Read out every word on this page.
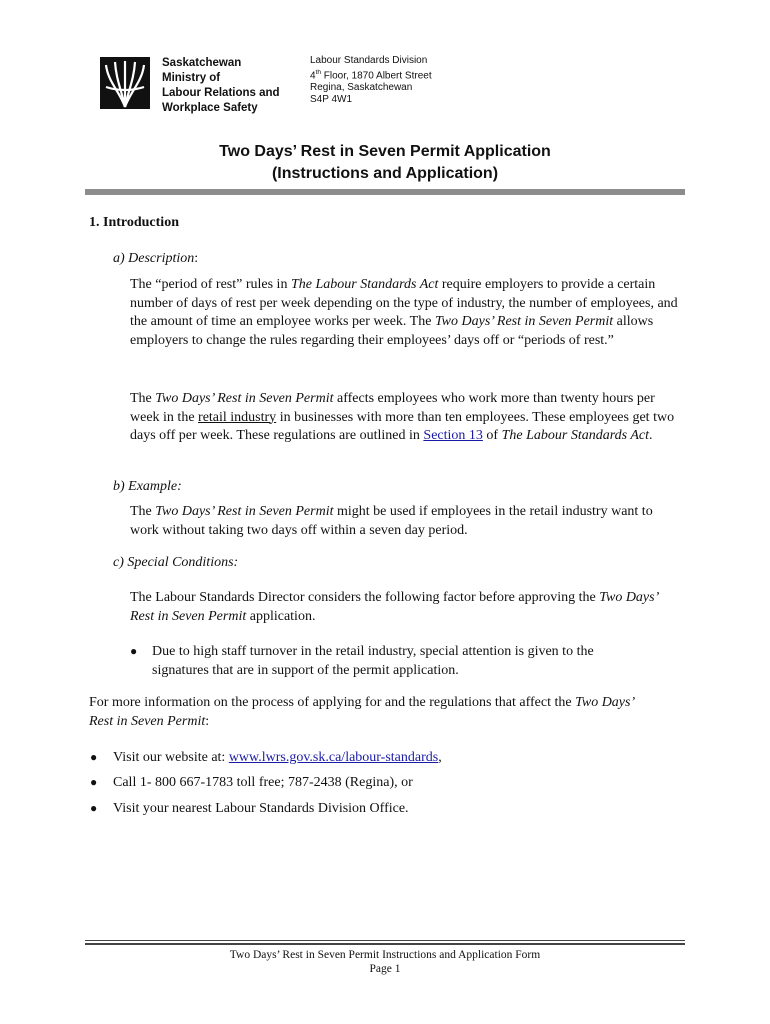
Saskatchewan
Ministry of
Labour Relations and
Workplace Safety
Labour Standards Division
4th Floor, 1870 Albert Street
Regina, Saskatchewan
S4P 4W1
Two Days’ Rest in Seven Permit Application
(Instructions and Application)
1. Introduction
a) Description:
The “period of rest” rules in The Labour Standards Act require employers to provide a certain number of days of rest per week depending on the type of industry, the number of employees, and the amount of time an employee works per week. The Two Days’ Rest in Seven Permit allows employers to change the rules regarding their employees’ days off or “periods of rest.”
The Two Days’ Rest in Seven Permit affects employees who work more than twenty hours per week in the retail industry in businesses with more than ten employees. These employees get two days off per week. These regulations are outlined in Section 13 of The Labour Standards Act.
b) Example:
The Two Days’ Rest in Seven Permit might be used if employees in the retail industry want to work without taking two days off within a seven day period.
c) Special Conditions:
The Labour Standards Director considers the following factor before approving the Two Days’ Rest in Seven Permit application.
● Due to high staff turnover in the retail industry, special attention is given to the signatures that are in support of the permit application.
For more information on the process of applying for and the regulations that affect the Two Days’ Rest in Seven Permit:
● Visit our website at: www.lwrs.gov.sk.ca/labour-standards,
● Call 1- 800 667-1783 toll free; 787-2438 (Regina), or
● Visit your nearest Labour Standards Division Office.
Two Days’ Rest in Seven Permit Instructions and Application Form
Page 1
